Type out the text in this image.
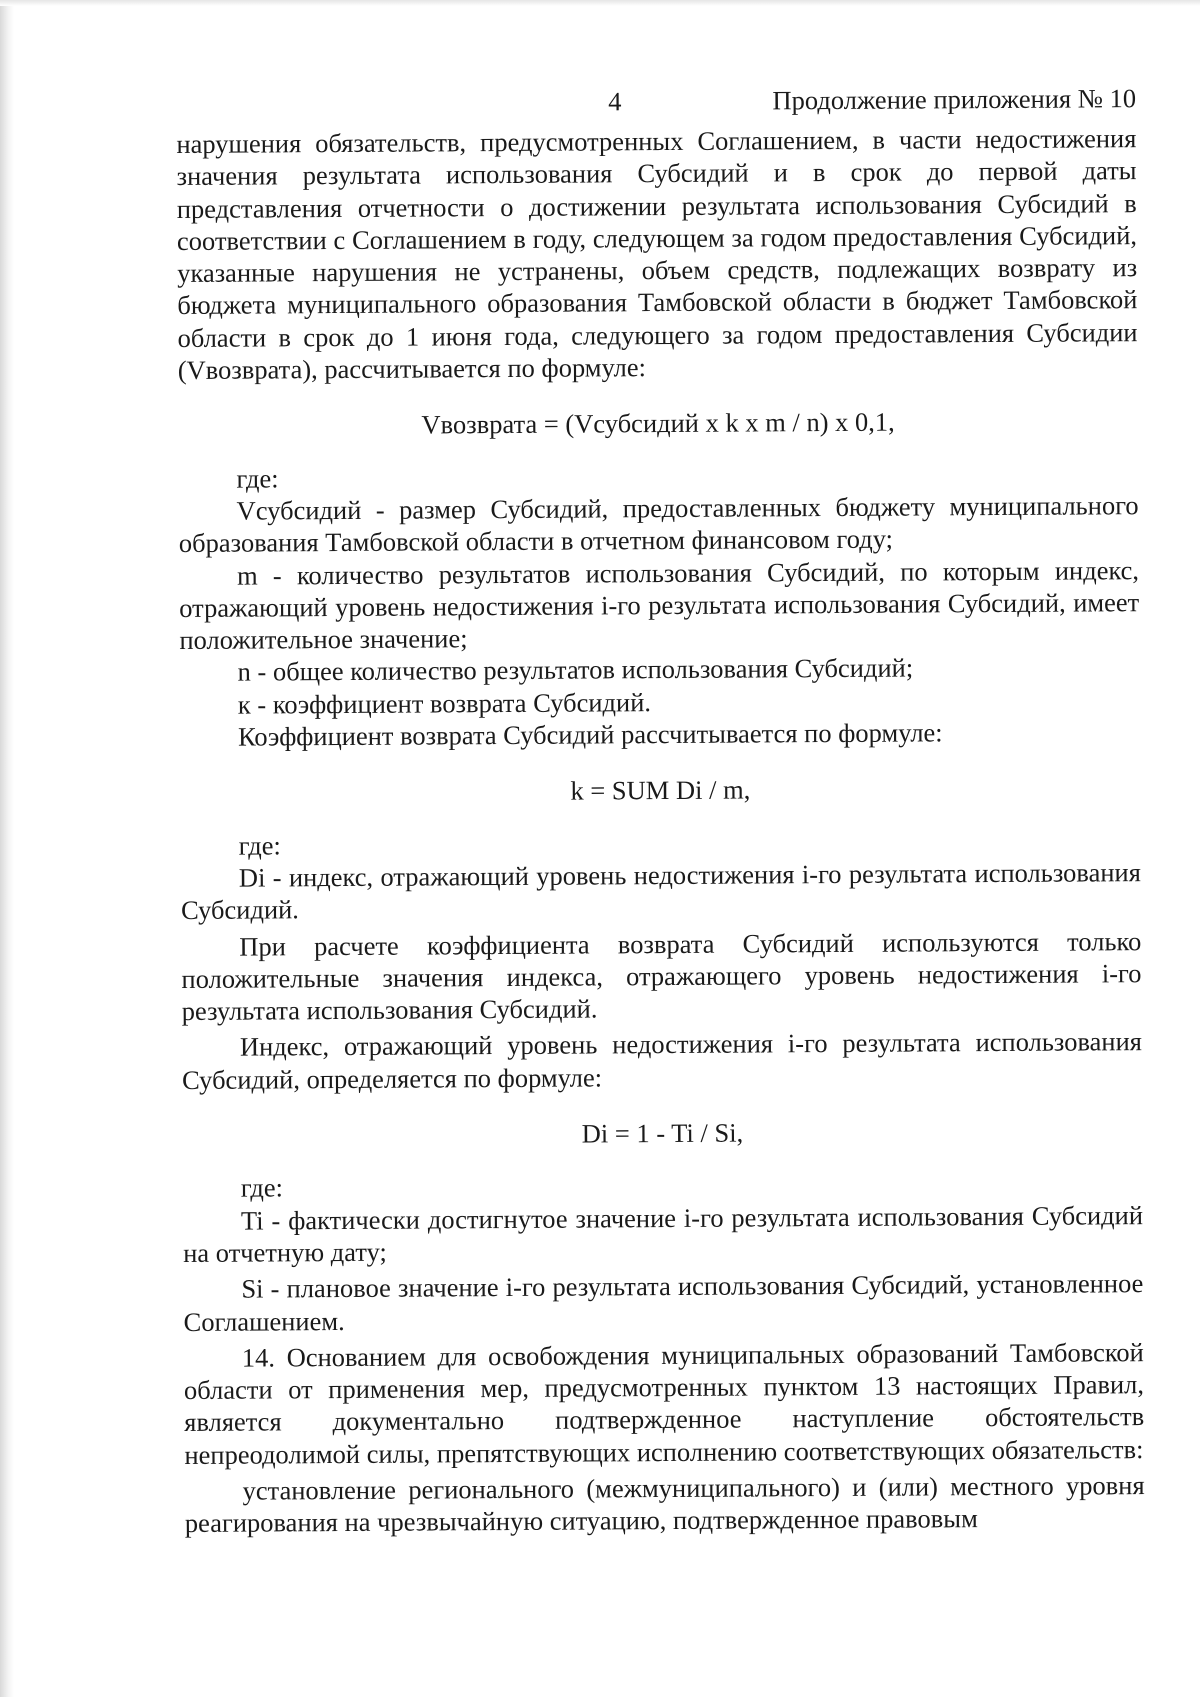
4	Продолжение приложения № 10

нарушения обязательств, предусмотренных Соглашением, в части недостижения значения результата использования Субсидий и в срок до первой даты представления отчетности о достижении результата использования Субсидий в соответствии с Соглашением в году, следующем за годом предоставления Субсидий, указанные нарушения не устранены, объем средств, подлежащих возврату из бюджета муниципального образования Тамбовской области в бюджет Тамбовской области в срок до 1 июня года, следующего за годом предоставления Субсидии (Vвозврата), рассчитывается по формуле:

Vвозврата = (Vсубсидий x k x m / n) x 0,1,

где:

Vсубсидий - размер Субсидий, предоставленных бюджету муниципального образования Тамбовской области в отчетном финансовом году;

m - количество результатов использования Субсидий, по которым индекс, отражающий уровень недостижения i-го результата использования Субсидий, имеет положительное значение;

n - общее количество результатов использования Субсидий;

к - коэффициент возврата Субсидий.

Коэффициент возврата Субсидий рассчитывается по формуле:

k = SUM Di / m,

где:

Di - индекс, отражающий уровень недостижения i-го результата использования Субсидий.

При расчете коэффициента возврата Субсидий используются только положительные значения индекса, отражающего уровень недостижения i-го результата использования Субсидий.

Индекс, отражающий уровень недостижения i-го результата использования Субсидий, определяется по формуле:

Di = 1 - Ti / Si,

где:

Ti - фактически достигнутое значение i-го результата использования Субсидий на отчетную дату;

Si - плановое значение i-го результата использования Субсидий, установленное Соглашением.

14. Основанием для освобождения муниципальных образований Тамбовской области от применения мер, предусмотренных пунктом 13 настоящих Правил, является документально подтвержденное наступление обстоятельств непреодолимой силы, препятствующих исполнению соответствующих обязательств:

установление регионального (межмуниципального) и (или) местного уровня реагирования на чрезвычайную ситуацию, подтвержденное правовым
